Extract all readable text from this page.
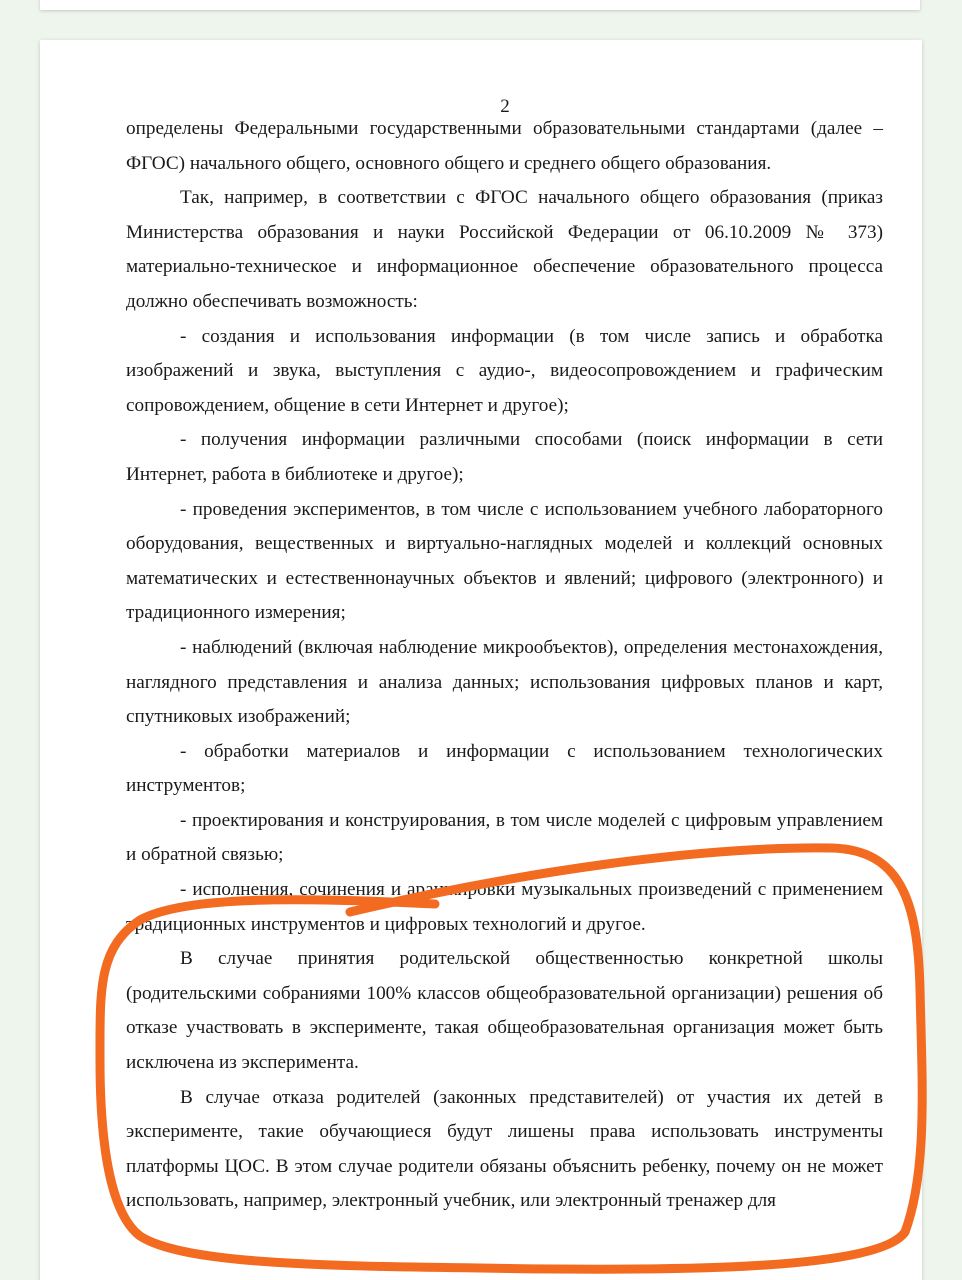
2

определены Федеральными государственными образовательными стандартами (далее – ФГОС) начального общего, основного общего и среднего общего образования.

Так, например, в соответствии с ФГОС начального общего образования (приказ Министерства образования и науки Российской Федерации от 06.10.2009 № 373) материально-техническое и информационное обеспечение образовательного процесса должно обеспечивать возможность:

- создания и использования информации (в том числе запись и обработка изображений и звука, выступления с аудио-, видеосопровождением и графическим сопровождением, общение в сети Интернет и другое);

- получения информации различными способами (поиск информации в сети Интернет, работа в библиотеке и другое);

- проведения экспериментов, в том числе с использованием учебного лабораторного оборудования, вещественных и виртуально-наглядных моделей и коллекций основных математических и естественнонаучных объектов и явлений; цифрового (электронного) и традиционного измерения;

- наблюдений (включая наблюдение микрообъектов), определения местонахождения, наглядного представления и анализа данных; использования цифровых планов и карт, спутниковых изображений;

- обработки материалов и информации с использованием технологических инструментов;

- проектирования и конструирования, в том числе моделей с цифровым управлением и обратной связью;

- исполнения, сочинения и аранжировки музыкальных произведений с применением традиционных инструментов и цифровых технологий и другое.

В случае принятия родительской общественностью конкретной школы (родительскими собраниями 100% классов общеобразовательной организации) решения об отказе участвовать в эксперименте, такая общеобразовательная организация может быть исключена из эксперимента.

В случае отказа родителей (законных представителей) от участия их детей в эксперименте, такие обучающиеся будут лишены права использовать инструменты платформы ЦОС. В этом случае родители обязаны объяснить ребенку, почему он не может использовать, например, электронный учебник, или электронный тренажер для
